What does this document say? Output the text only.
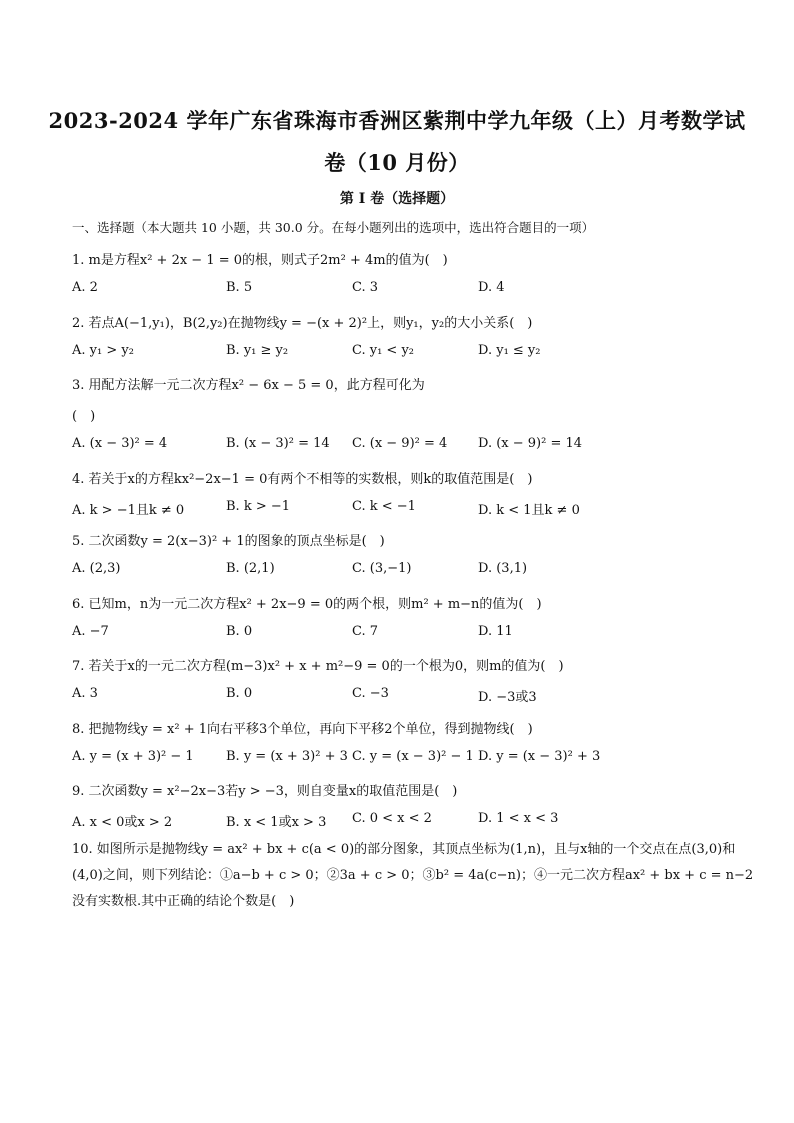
2023-2024 学年广东省珠海市香洲区紫荆中学九年级（上）月考数学试
卷（10 月份）
第 I 卷（选择题）
一、选择题（本大题共 10 小题，共 30.0 分。在每小题列出的选项中，选出符合题目的一项）
1. m是方程x² + 2x − 1 = 0的根，则式子2m² + 4m的值为(　)
A. 2	B. 5	C. 3	D. 4
2. 若点A(−1,y₁)，B(2,y₂)在抛物线y = −(x + 2)²上，则y₁，y₂的大小关系(　)
A. y₁ > y₂	B. y₁ ≥ y₂	C. y₁ < y₂	D. y₁ ≤ y₂
3. 用配方法解一元二次方程x² − 6x − 5 = 0，此方程可化为
(　)
A. (x − 3)² = 4	B. (x − 3)² = 14 C. (x − 9)² = 4 D. (x − 9)² = 14
4. 若关于x的方程kx²−2x−1 = 0有两个不相等的实数根，则k的取值范围是(　)
A. k > −1且k ≠ 0	B. k > −1	C. k < −1	D. k < 1且k ≠ 0
5. 二次函数y = 2(x−3)² + 1的图象的顶点坐标是(　)
A. (2,3)	B. (2,1)	C. (3,−1)	D. (3,1)
6. 已知m，n为一元二次方程x² + 2x−9 = 0的两个根，则m² + m−n的值为(　)
A. −7	B. 0	C. 7	D. 11
7. 若关于x的一元二次方程(m−3)x² + x + m²−9 = 0的一个根为0，则m的值为(　)
A. 3	B. 0	C. −3	D. −3或3
8. 把抛物线y = x² + 1向右平移3个单位，再向下平移2个单位，得到抛物线(　)
A. y = (x + 3)² − 1 B. y = (x + 3)² + 3 C. y = (x − 3)² − 1 D. y = (x − 3)² + 3
9. 二次函数y = x²−2x−3若y > −3，则自变量x的取值范围是(　)
A. x < 0或x > 2	B. x < 1或x > 3 C. 0 < x < 2	D. 1 < x < 3
10. 如图所示是抛物线y = ax² + bx + c(a < 0)的部分图象，其顶点坐标为(1,n)，且与x轴的一个交点在点(3,0)和(4,0)之间，则下列结论：①a−b + c > 0；②3a + c > 0；③b² = 4a(c−n)；④一元二次方程ax² + bx + c = n−2没有实数根.其中正确的结论个数是(　)
